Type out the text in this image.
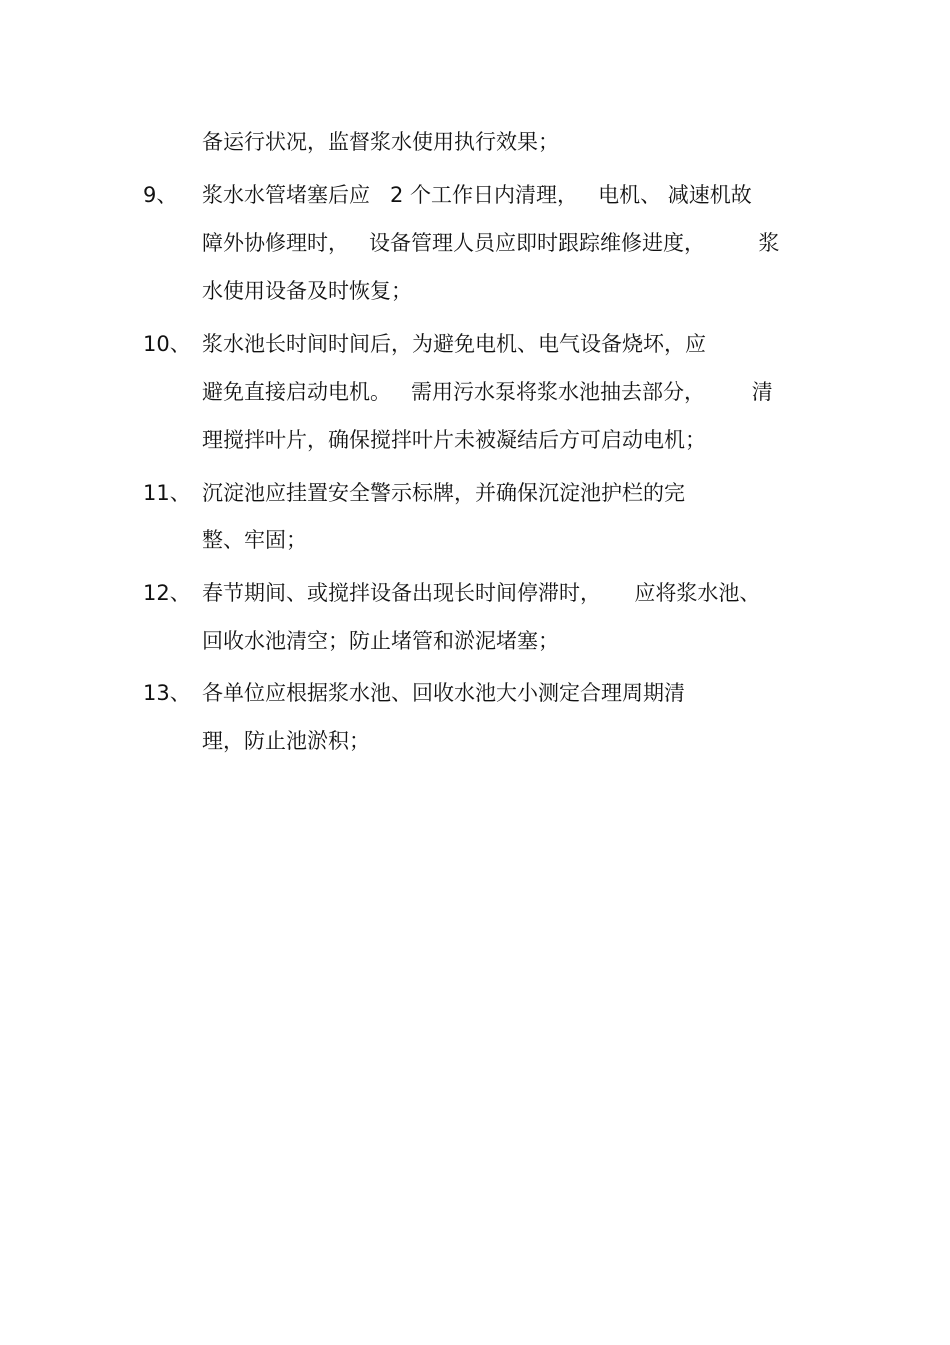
备运行状况，监督浆水使用执行效果；

9、

浆水水管堵塞后应   2 个工作日内清理，   电机、 减速机故

障外协修理时，   设备管理人员应即时跟踪维修进度，        浆

水使用设备及时恢复；

10、

浆水池长时间时间后，为避免电机、电气设备烧坏，应

避免直接启动电机。   需用污水泵将浆水池抽去部分，       清

理搅拌叶片，确保搅拌叶片未被凝结后方可启动电机；

11、

沉淀池应挂置安全警示标牌，并确保沉淀池护栏的完

整、牢固；

12、

春节期间、或搅拌设备出现长时间停滞时，     应将浆水池、

回收水池清空；防止堵管和淤泥堵塞；

13、

各单位应根据浆水池、回收水池大小测定合理周期清

理，防止池淤积；
